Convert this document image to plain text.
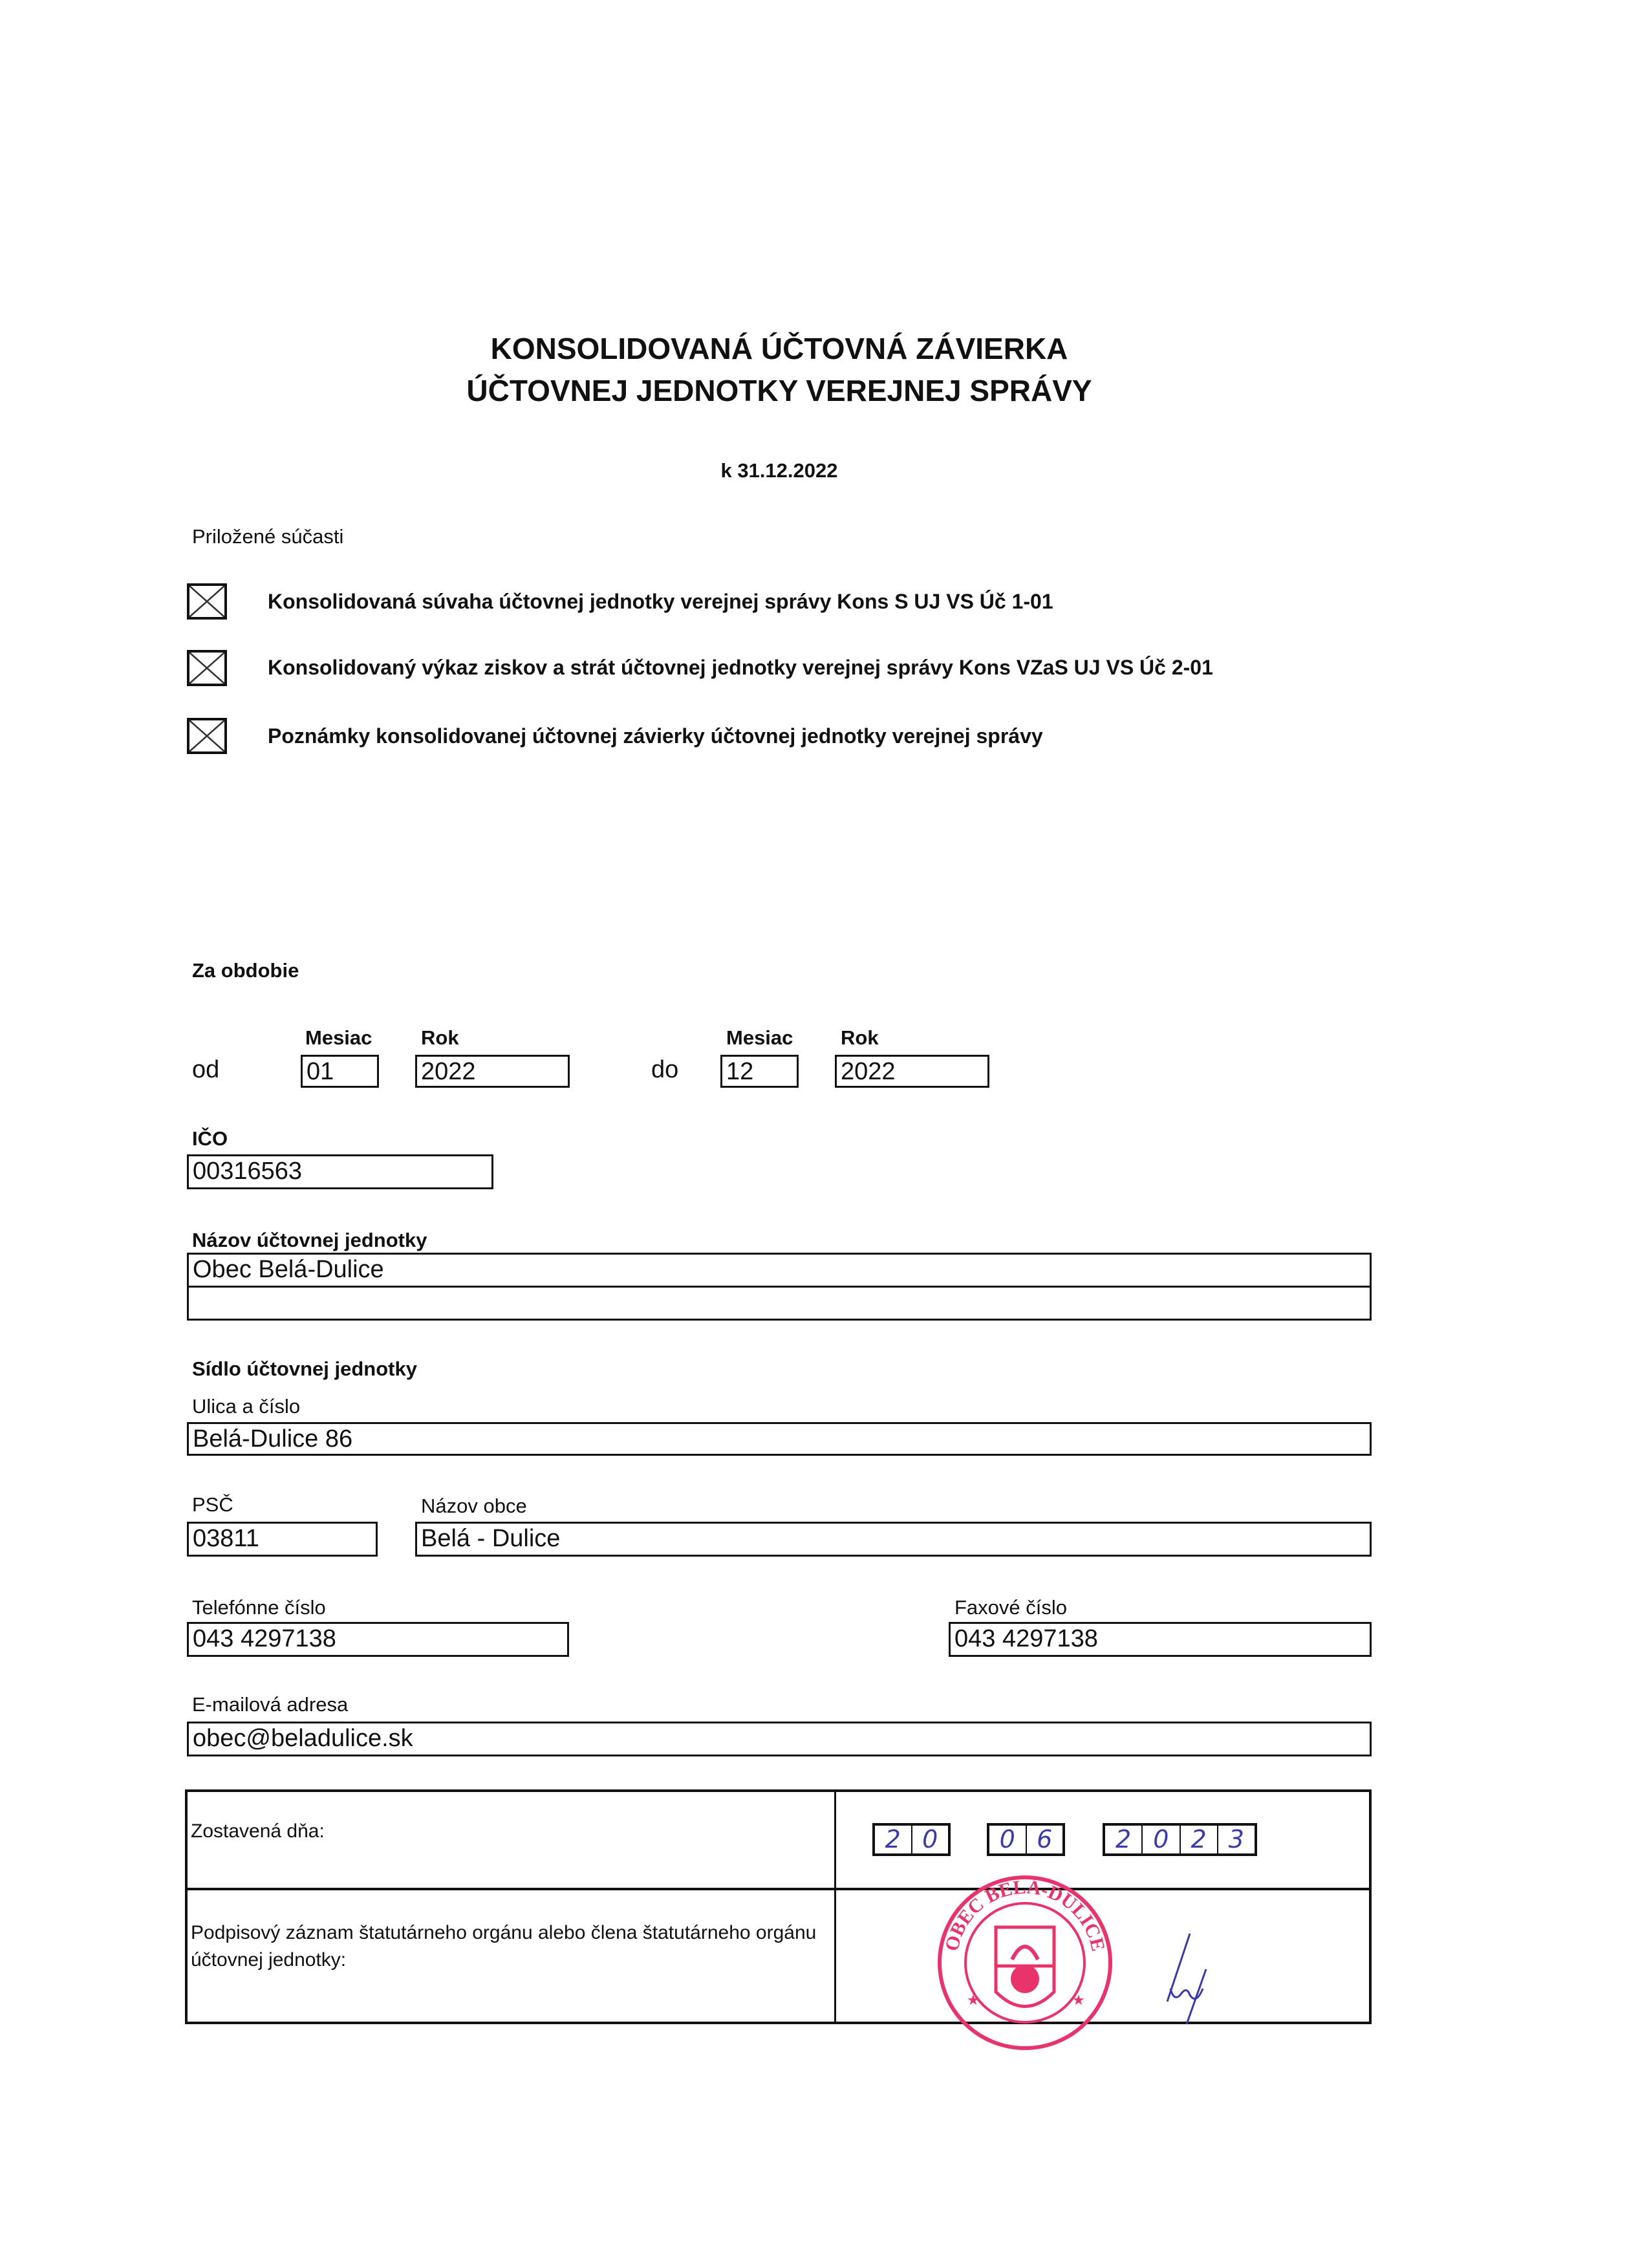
KONSOLIDOVANÁ ÚČTOVNÁ ZÁVIERKA
ÚČTOVNEJ JEDNOTKY VEREJNEJ SPRÁVY
k 31.12.2022
Priložené súčasti
Konsolidovaná súvaha účtovnej jednotky verejnej správy Kons S UJ VS Úč 1-01
Konsolidovaný výkaz ziskov a strát účtovnej jednotky verejnej správy Kons VZaS UJ VS Úč 2-01
Poznámky konsolidovanej účtovnej závierky účtovnej jednotky verejnej správy
Za obdobie
Mesiac Rok	Mesiac Rok
od	01	2022	do 12	2022
IČO
00316563
Názov účtovnej jednotky
Obec Belá-Dulice
Sídlo účtovnej jednotky
Ulica a číslo
Belá-Dulice 86
PSČ	Názov obce
03811	Belá - Dulice
Telefónne číslo
043 4297138
Faxové číslo
043 4297138
E-mailová adresa
obec@beladulice.sk
Zostavená dňa:	2 0	0 6	2 0 2 3
Podpisový záznam štatutárneho orgánu alebo člena štatutárneho orgánu účtovnej jednotky:
OBEC BELÁ-DULICE
★	★
